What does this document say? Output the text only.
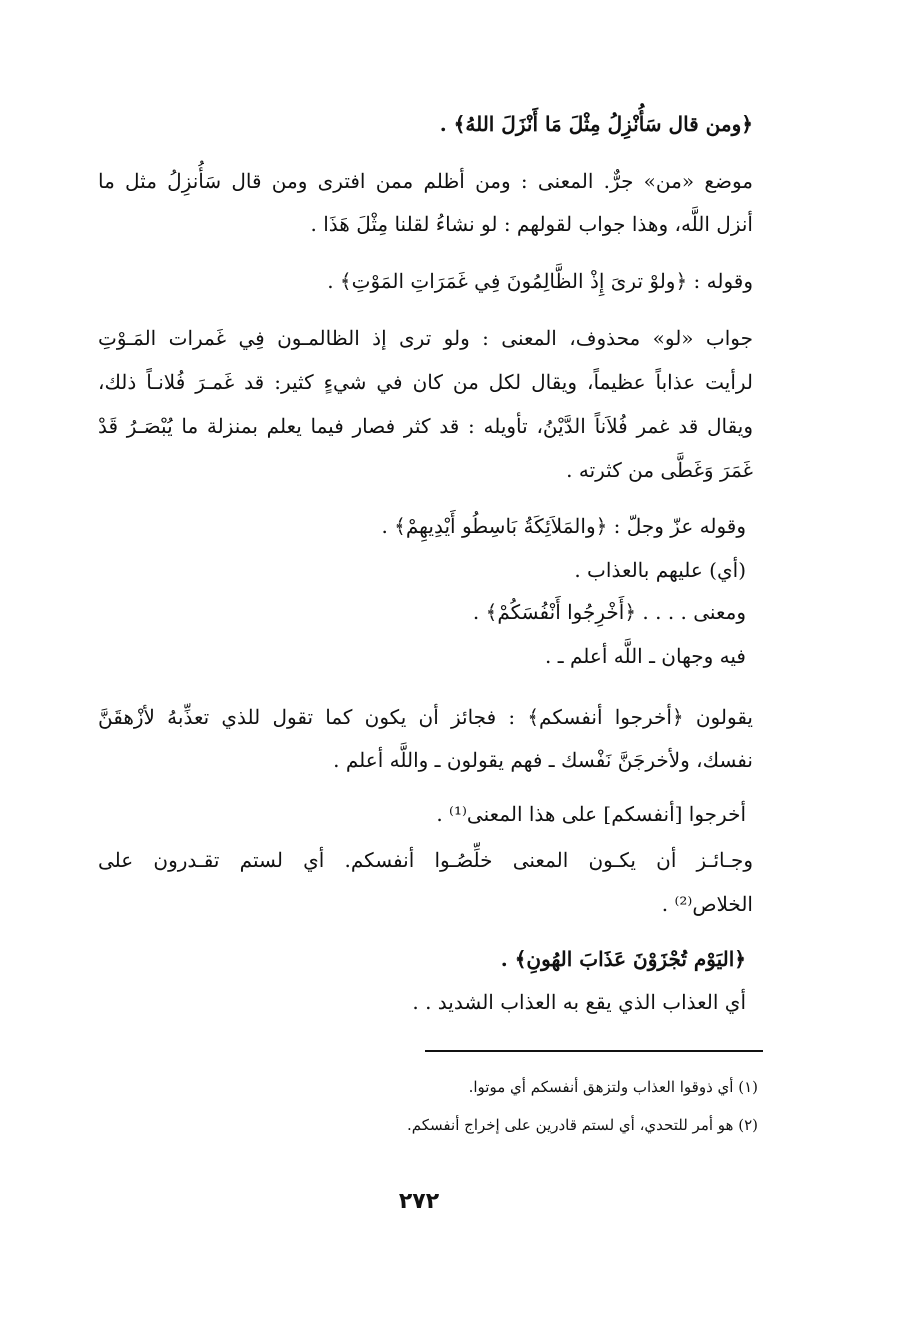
﴿ومن قال سَأُنْزِلُ مِثْلَ مَا أَنْزَلَ اللهُ﴾ .
موضع «من» جرٌّ. المعنى : ومن أظلم ممن افترى ومن قال سَأُنزِلُ مثل ما
أنزل اللَّه، وهذا جواب لقولهم : لو نشاءُ لقلنا مِثْلَ هَذَا .
وقوله : ﴿ولوْ ترىَ إِذْ الظَّالِمُونَ فِي غَمَرَاتِ المَوْتِ﴾ .
جواب «لو» محذوف، المعنى : ولو ترى إذ الظالمـون فِي غَمرات المَـوْتِ
لرأيت عذاباً عظيماً، ويقال لكل من كان في شيءٍ كثير: قد غَمـرَ فُلانـاً ذلك،
ويقال قد غمر فُلاَناً الدَّيْنُ، تأويله : قد كثر فصار فيما يعلم بمنزلة ما يُبْصَـرُ قَدْ
غَمَرَ وَغَطَّى من كثرته .
وقوله عزّ وجلّ : ﴿والمَلاَئِكَةُ بَاسِطُو أَيْدِيهِمْ﴾ .
(أي) عليهم بالعذاب .
ومعنى . . . . ﴿أَخْرِجُوا أَنْفُسَكُمْ﴾ .
فيه وجهان ـ اللَّه أعلم ـ .
يقولون ﴿أخرجوا أنفسكم﴾ : فجائز أن يكون كما تقول للذي تعذِّبهُ لأزْهقَنَّ
نفسك، ولأخرجَنَّ نَفْسك ـ فهم يقولون ـ واللَّه أعلم .
أخرجوا [أنفسكم] على هذا المعنى⁽¹⁾ .
وجـائـز أن يكـون المعنى خلِّصُـوا أنفسكم. أي لستم تقـدرون على
الخلاص⁽²⁾ .
﴿اليَوْم تُجْزَوْنَ عَذَابَ الهُونِ﴾ .
أي العذاب الذي يقع به العذاب الشديد . .
(١) أي ذوقوا العذاب ولتزهق أنفسكم أي موتوا.
(٢) هو أمر للتحدي، أي لستم قادرين على إخراج أنفسكم.
٢٧٢
